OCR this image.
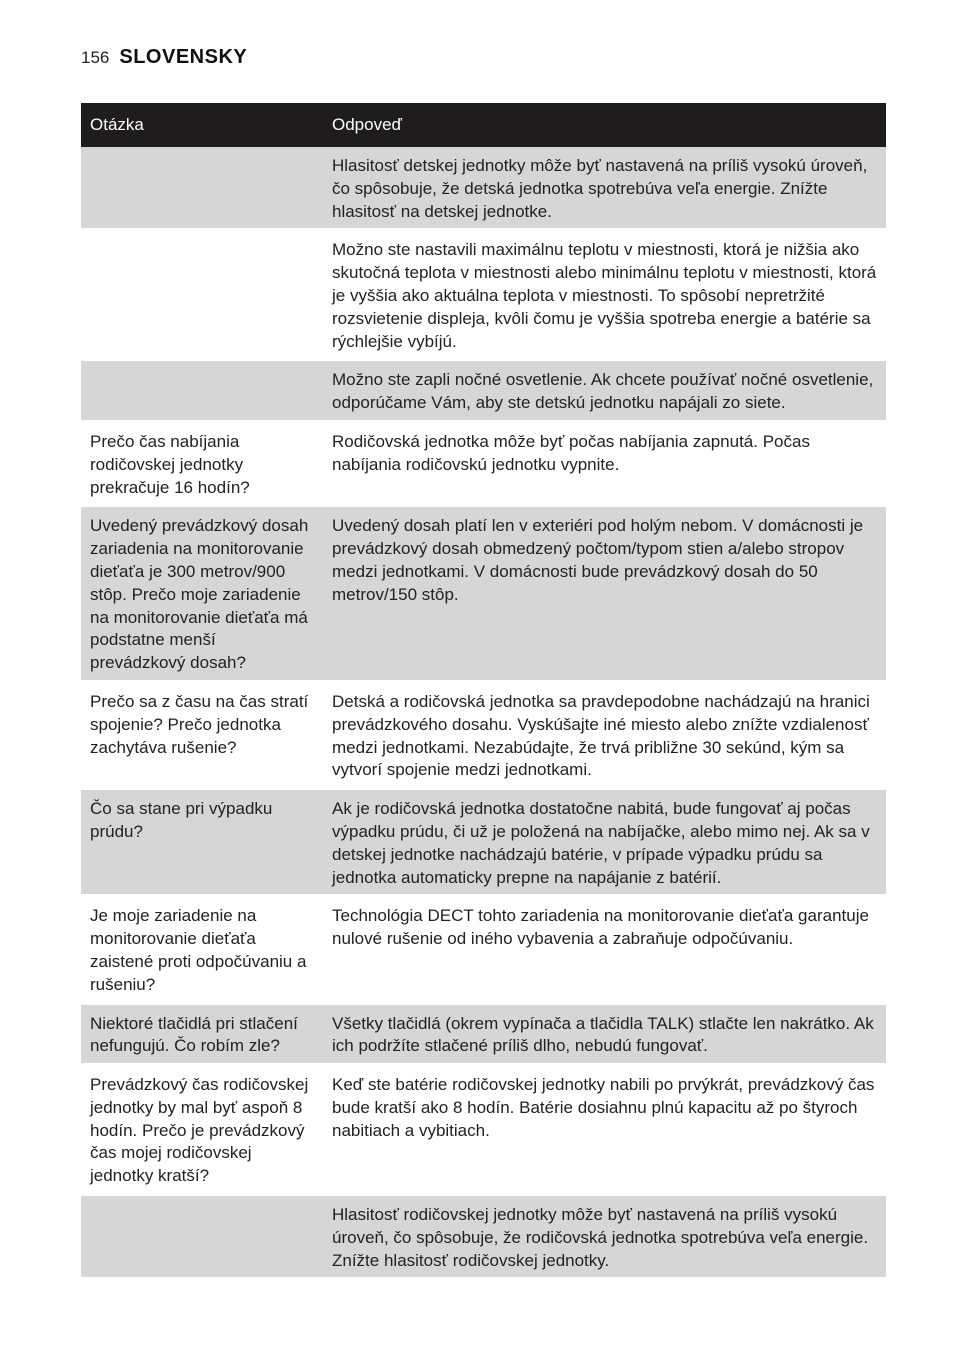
156 SLOVENSKY
Otázka	Odpoveď
	Hlasitosť detskej jednotky môže byť nastavená na príliš vysokú úroveň, čo spôsobuje, že detská jednotka spotrebúva veľa energie. Znížte hlasitosť na detskej jednotke.
	Možno ste nastavili maximálnu teplotu v miestnosti, ktorá je nižšia ako skutočná teplota v miestnosti alebo minimálnu teplotu v miestnosti, ktorá je vyššia ako aktuálna teplota v miestnosti. To spôsobí nepretržité rozsvietenie displeja, kvôli čomu je vyššia spotreba energie a batérie sa rýchlejšie vybíjú.
	Možno ste zapli nočné osvetlenie. Ak chcete používať nočné osvetlenie, odporúčame Vám, aby ste detskú jednotku napájali zo siete.
Prečo čas nabíjania rodičovskej jednotky prekračuje 16 hodín?	Rodičovská jednotka môže byť počas nabíjania zapnutá. Počas nabíjania rodičovskú jednotku vypnite.
Uvedený prevádzkový dosah zariadenia na monitorovanie dieťaťa je 300 metrov/900 stôp. Prečo moje zariadenie na monitorovanie dieťaťa má podstatne menší prevádzkový dosah?	Uvedený dosah platí len v exteriéri pod holým nebom. V domácnosti je prevádzkový dosah obmedzený počtom/typom stien a/alebo stropov medzi jednotkami. V domácnosti bude prevádzkový dosah do 50 metrov/150 stôp.
Prečo sa z času na čas stratí spojenie? Prečo jednotka zachytáva rušenie?	Detská a rodičovská jednotka sa pravdepodobne nachádzajú na hranici prevádzkového dosahu. Vyskúšajte iné miesto alebo znížte vzdialenosť medzi jednotkami. Nezabúdajte, že trvá približne 30 sekúnd, kým sa vytvorí spojenie medzi jednotkami.
Čo sa stane pri výpadku prúdu?	Ak je rodičovská jednotka dostatočne nabitá, bude fungovať aj počas výpadku prúdu, či už je položená na nabíjačke, alebo mimo nej. Ak sa v detskej jednotke nachádzajú batérie, v prípade výpadku prúdu sa jednotka automaticky prepne na napájanie z batérií.
Je moje zariadenie na monitorovanie dieťaťa zaistené proti odpočúvaniu a rušeniu?	Technológia DECT tohto zariadenia na monitorovanie dieťaťa garantuje nulové rušenie od iného vybavenia a zabraňuje odpočúvaniu.
Niektoré tlačidlá pri stlačení nefungujú. Čo robím zle?	Všetky tlačidlá (okrem vypínača a tlačidla TALK) stlačte len nakrátko. Ak ich podržíte stlačené príliš dlho, nebudú fungovať.
Prevádzkový čas rodičovskej jednotky by mal byť aspoň 8 hodín. Prečo je prevádzkový čas mojej rodičovskej jednotky kratší?	Keď ste batérie rodičovskej jednotky nabili po prvýkrát, prevádzkový čas bude kratší ako 8 hodín. Batérie dosiahnu plnú kapacitu až po štyroch nabitiach a vybitiach.
	Hlasitosť rodičovskej jednotky môže byť nastavená na príliš vysokú úroveň, čo spôsobuje, že rodičovská jednotka spotrebúva veľa energie. Znížte hlasitosť rodičovskej jednotky.
